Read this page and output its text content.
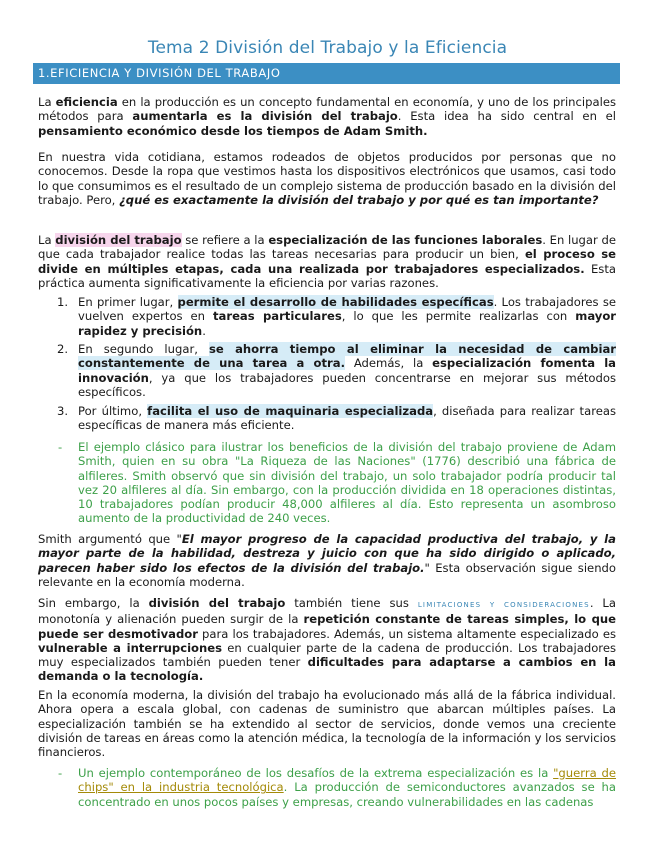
Tema 2 División del Trabajo y la Eficiencia
1.EFICIENCIA Y DIVISIÓN DEL TRABAJO

La eficiencia en la producción es un concepto fundamental en economía, y uno de los principales métodos para aumentarla es la división del trabajo. Esta idea ha sido central en el pensamiento económico desde los tiempos de Adam Smith.

En nuestra vida cotidiana, estamos rodeados de objetos producidos por personas que no conocemos. Desde la ropa que vestimos hasta los dispositivos electrónicos que usamos, casi todo lo que consumimos es el resultado de un complejo sistema de producción basado en la división del trabajo. Pero, ¿qué es exactamente la división del trabajo y por qué es tan importante?

La división del trabajo se refiere a la especialización de las funciones laborales. En lugar de que cada trabajador realice todas las tareas necesarias para producir un bien, el proceso se divide en múltiples etapas, cada una realizada por trabajadores especializados. Esta práctica aumenta significativamente la eficiencia por varias razones.

1. En primer lugar, permite el desarrollo de habilidades específicas. Los trabajadores se vuelven expertos en tareas particulares, lo que les permite realizarlas con mayor rapidez y precisión.

2. En segundo lugar, se ahorra tiempo al eliminar la necesidad de cambiar constantemente de una tarea a otra. Además, la especialización fomenta la innovación, ya que los trabajadores pueden concentrarse en mejorar sus métodos específicos.

3. Por último, facilita el uso de maquinaria especializada, diseñada para realizar tareas específicas de manera más eficiente.

- El ejemplo clásico para ilustrar los beneficios de la división del trabajo proviene de Adam Smith, quien en su obra "La Riqueza de las Naciones" (1776) describió una fábrica de alfileres. Smith observó que sin división del trabajo, un solo trabajador podría producir tal vez 20 alfileres al día. Sin embargo, con la producción dividida en 18 operaciones distintas, 10 trabajadores podían producir 48,000 alfileres al día. Esto representa un asombroso aumento de la productividad de 240 veces.

Smith argumentó que "El mayor progreso de la capacidad productiva del trabajo, y la mayor parte de la habilidad, destreza y juicio con que ha sido dirigido o aplicado, parecen haber sido los efectos de la división del trabajo." Esta observación sigue siendo relevante en la economía moderna.

Sin embargo, la división del trabajo también tiene sus LIMITACIONES Y CONSIDERACIONES. La monotonía y alienación pueden surgir de la repetición constante de tareas simples, lo que puede ser desmotivador para los trabajadores. Además, un sistema altamente especializado es vulnerable a interrupciones en cualquier parte de la cadena de producción. Los trabajadores muy especializados también pueden tener dificultades para adaptarse a cambios en la demanda o la tecnología.

En la economía moderna, la división del trabajo ha evolucionado más allá de la fábrica individual. Ahora opera a escala global, con cadenas de suministro que abarcan múltiples países. La especialización también se ha extendido al sector de servicios, donde vemos una creciente división de tareas en áreas como la atención médica, la tecnología de la información y los servicios financieros.

- Un ejemplo contemporáneo de los desafíos de la extrema especialización es la "guerra de chips" en la industria tecnológica. La producción de semiconductores avanzados se ha concentrado en unos pocos países y empresas, creando vulnerabilidades en las cadenas
